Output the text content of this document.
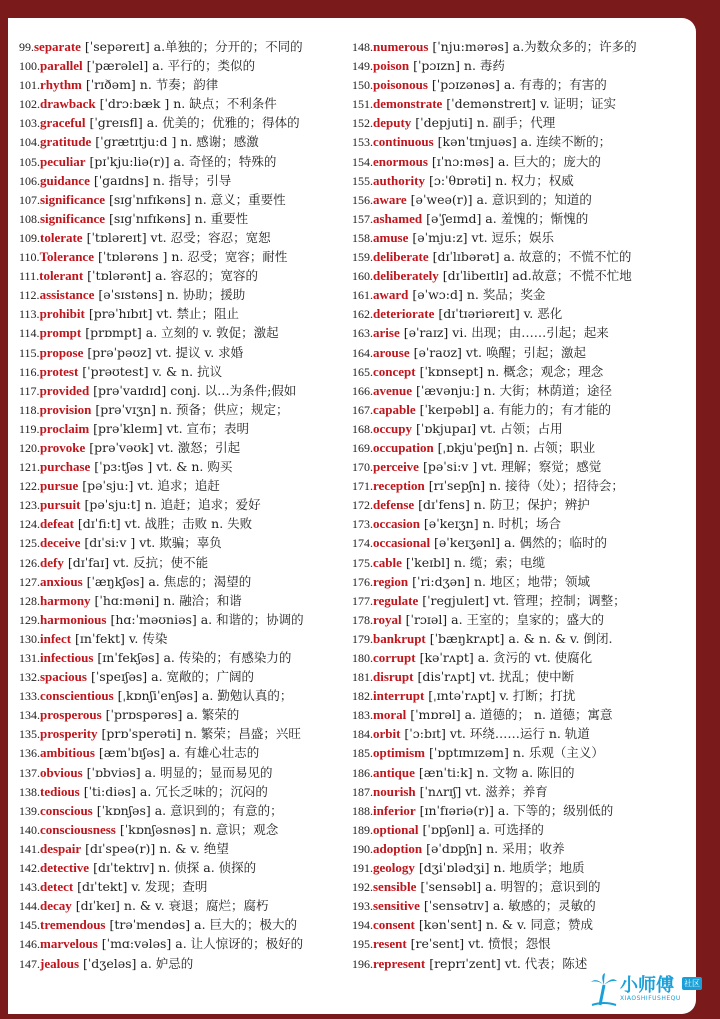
99.separate [ˈsepəreɪt] a.单独的；分开的；不同的
100.parallel [ˈpærəlel] a. 平行的；类似的
101.rhythm [ˈrɪðəm] n. 节奏；韵律
102.drawback [ˈdrɔ:bæk ] n. 缺点；不利条件
103.graceful [ˈgreɪsfl] a. 优美的；优雅的；得体的
104.gratitude [ˈgrætɪtju:d ] n. 感谢；感激
105.peculiar [pɪˈkju:liə(r)] a. 奇怪的；特殊的
106.guidance [ˈgaɪdns] n. 指导；引导
107.significance [sɪgˈnɪfɪkəns] n. 意义；重要性
108.significance [sɪgˈnɪfɪkəns] n. 重要性
109.tolerate [ˈtɒləreɪt] vt. 忍受；容忍；宽恕
110.Tolerance [ˈtɒlərəns ] n. 忍受；宽容；耐性
111.tolerant [ˈtɒlərənt] a. 容忍的；宽容的
112.assistance [əˈsɪstəns] n. 协助；援助
113.prohibit [prəˈhɪbɪt] vt. 禁止；阻止
114.prompt [prɒmpt] a. 立刻的 v. 敦促；激起
115.propose [prəˈpəʊz] vt. 提议 v. 求婚
116.protest [ˈprəʊtest] v. & n. 抗议
117.provided [prəˈvaɪdɪd] conj. 以…为条件;假如
118.provision [prəˈvɪʒn] n. 预备；供应；规定；
119.proclaim [prəˈkleɪm] vt. 宣布；表明
120.provoke [prəˈvəʊk] vt. 激怒；引起
121.purchase [ˈpɜ:tʃəs ] vt. & n. 购买
122.pursue [pəˈsju:] vt. 追求；追赶
123.pursuit [pəˈsju:t] n. 追赶；追求；爱好
124.defeat [dɪˈfi:t] vt. 战胜；击败 n. 失败
125.deceive [dɪˈsi:v ] vt. 欺骗；辜负
126.defy [dɪˈfaɪ] vt. 反抗；使不能
127.anxious [ˈæŋkʃəs] a. 焦虑的；渴望的
128.harmony [ˈhɑ:məni] n. 融洽；和谐
129.harmonious [hɑ:ˈməʊniəs] a. 和谐的；协调的
130.infect [ɪnˈfekt] v. 传染
131.infectious [ɪnˈfekʃəs] a. 传染的；有感染力的
132.spacious [ˈspeɪʃəs] a. 宽敞的；广阔的
133.conscientious [ˌkɒnʃiˈenʃəs] a. 勤勉认真的；
134.prosperous [ˈprɒspərəs] a. 繁荣的
135.prosperity [prɒˈsperəti] n. 繁荣；昌盛；兴旺
136.ambitious [æmˈbɪʃəs] a. 有雄心壮志的
137.obvious [ˈɒbviəs] a. 明显的；显而易见的
138.tedious [ˈti:diəs] a. 冗长乏味的；沉闷的
139.conscious [ˈkɒnʃəs] a. 意识到的；有意的；
140.consciousness [ˈkɒnʃəsnəs] n. 意识；观念
141.despair [dɪˈspeə(r)] n. & v. 绝望
142.detective [dɪˈtektɪv] n. 侦探 a. 侦探的
143.detect [dɪˈtekt] v. 发现；查明
144.decay [dɪˈkeɪ] n. & v. 衰退；腐烂；腐朽
145.tremendous [trəˈmendəs] a. 巨大的；极大的
146.marvelous [ˈmɑ:vələs] a. 让人惊讶的；极好的
147.jealous [ˈdʒeləs] a. 妒忌的
148.numerous [ˈnju:mərəs] a.为数众多的；许多的
149.poison [ˈpɔɪzn] n. 毒药
150.poisonous [ˈpɔɪzənəs] a. 有毒的；有害的
151.demonstrate [ˈdemənstreɪt] v. 证明；证实
152.deputy [ˈdepjuti] n. 副手；代理
153.continuous [kənˈtɪnjuəs] a. 连续不断的；
154.enormous [ɪˈnɔ:məs] a. 巨大的；庞大的
155.authority [ɔ:ˈθɒrəti] n. 权力；权威
156.aware [əˈweə(r)] a. 意识到的；知道的
157.ashamed [əˈʃeɪmd] a. 羞愧的；惭愧的
158.amuse [əˈmju:z] vt. 逗乐；娱乐
159.deliberate [dɪˈlɪbərət] a. 故意的；不慌不忙的
160.deliberately [dɪˈlibeɪtlɪ] ad.故意；不慌不忙地
161.award [əˈwɔ:d] n. 奖品；奖金
162.deteriorate [dɪˈtɪəriəreɪt] v. 恶化
163.arise [əˈraɪz] vi. 出现；由……引起；起来
164.arouse [əˈraʊz] vt. 唤醒；引起；激起
165.concept [ˈkɒnsept] n. 概念；观念；理念
166.avenue [ˈævənju:] n. 大街；林荫道；途径
167.capable [ˈkeɪpəbl] a. 有能力的；有才能的
168.occupy [ˈɒkjupaɪ] vt. 占领；占用
169.occupation [ˌɒkjuˈpeɪʃn] n. 占领；职业
170.perceive [pəˈsi:v ] vt. 理解；察觉；感觉
171.reception [rɪˈsepʃn] n. 接待（处）；招待会；
172.defense [dɪˈfens] n. 防卫；保护；辨护
173.occasion [əˈkeɪʒn] n. 时机；场合
174.occasional [əˈkeɪʒənl] a. 偶然的；临时的
175.cable [ˈkeɪbl] n. 缆；索；电缆
176.region [ˈri:dʒən] n. 地区；地带；领域
177.regulate [ˈregjuleɪt] vt. 管理；控制；调整；
178.royal [ˈrɔɪəl] a. 王室的；皇家的；盛大的
179.bankrupt [ˈbæŋkrʌpt] a. & n. & v. 倒闭.
180.corrupt [kəˈrʌpt] a. 贪污的 vt. 使腐化
181.disrupt [disˈrʌpt] vt. 扰乱；使中断
182.interrupt [ˌɪntəˈrʌpt] v. 打断；打扰
183.moral [ˈmɒrəl] a. 道德的； n. 道德；寓意
184.orbit [ˈɔ:bɪt] vt. 环绕……运行 n. 轨道
185.optimism [ˈɒptɪmɪzəm] n. 乐观（主义）
186.antique [ænˈti:k] n. 文物 a. 陈旧的
187.nourish [ˈnʌrɪʃ] vt. 滋养；养育
188.inferior [ɪnˈfɪəriə(r)] a. 下等的；级别低的
189.optional [ˈɒpʃənl] a. 可选择的
190.adoption [əˈdɒpʃn] n. 采用；收养
191.geology [dʒiˈɒlədʒi] n. 地质学；地质
192.sensible [ˈsensəbl] a. 明智的；意识到的
193.sensitive [ˈsensətɪv] a. 敏感的；灵敏的
194.consent [kənˈsent] n. & v. 同意；赞成
195.resent [reˈsent] vt. 愤恨；怨恨
196.represent [reprɪˈzent] vt. 代表；陈述
小师傅 社区
XIAOSHIFUSHEQU
